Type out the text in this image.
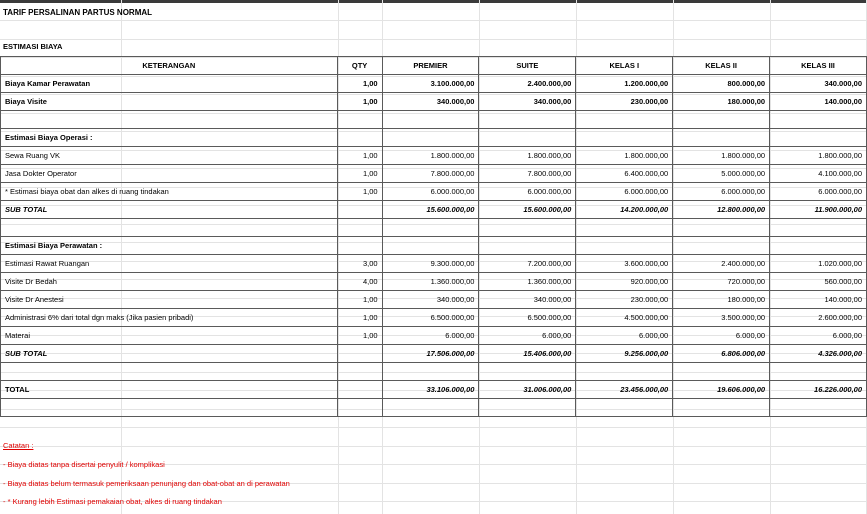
TARIF PERSALINAN PARTUS NORMAL
ESTIMASI BIAYA
KETERANGAN	QTY	PREMIER	SUITE	KELAS I	KELAS II	KELAS III
Biaya Kamar Perawatan	1,00	3.100.000,00	2.400.000,00	1.200.000,00	800.000,00	340.000,00
Biaya Visite	1,00	340.000,00	340.000,00	230.000,00	180.000,00	140.000,00

Estimasi Biaya Operasi :						
Sewa Ruang VK	1,00	1.800.000,00	1.800.000,00	1.800.000,00	1.800.000,00	1.800.000,00
Jasa Dokter Operator	1,00	7.800.000,00	7.800.000,00	6.400.000,00	5.000.000,00	4.100.000,00
* Estimasi biaya obat dan alkes di ruang tindakan	1,00	6.000.000,00	6.000.000,00	6.000.000,00	6.000.000,00	6.000.000,00
SUB TOTAL		15.600.000,00	15.600.000,00	14.200.000,00	12.800.000,00	11.900.000,00

Estimasi Biaya Perawatan :						
Estimasi Rawat Ruangan	3,00	9.300.000,00	7.200.000,00	3.600.000,00	2.400.000,00	1.020.000,00
Visite Dr Bedah	4,00	1.360.000,00	1.360.000,00	920.000,00	720.000,00	560.000,00
Visite Dr Anestesi	1,00	340.000,00	340.000,00	230.000,00	180.000,00	140.000,00
Administrasi 6% dari total dgn maks (Jika pasien pribadi)	1,00	6.500.000,00	6.500.000,00	4.500.000,00	3.500.000,00	2.600.000,00
Materai	1,00	6.000,00	6.000,00	6.000,00	6.000,00	6.000,00
SUB TOTAL		17.506.000,00	15.406.000,00	9.256.000,00	6.806.000,00	4.326.000,00

TOTAL		33.106.000,00	31.006.000,00	23.456.000,00	19.606.000,00	16.226.000,00

Catatan :
- Biaya diatas tanpa disertai penyulit / komplikasi
- Biaya diatas belum termasuk pemeriksaan penunjang dan obat-obat an di perawatan
- * Kurang lebih Estimasi pemakaian obat, alkes di ruang tindakan
